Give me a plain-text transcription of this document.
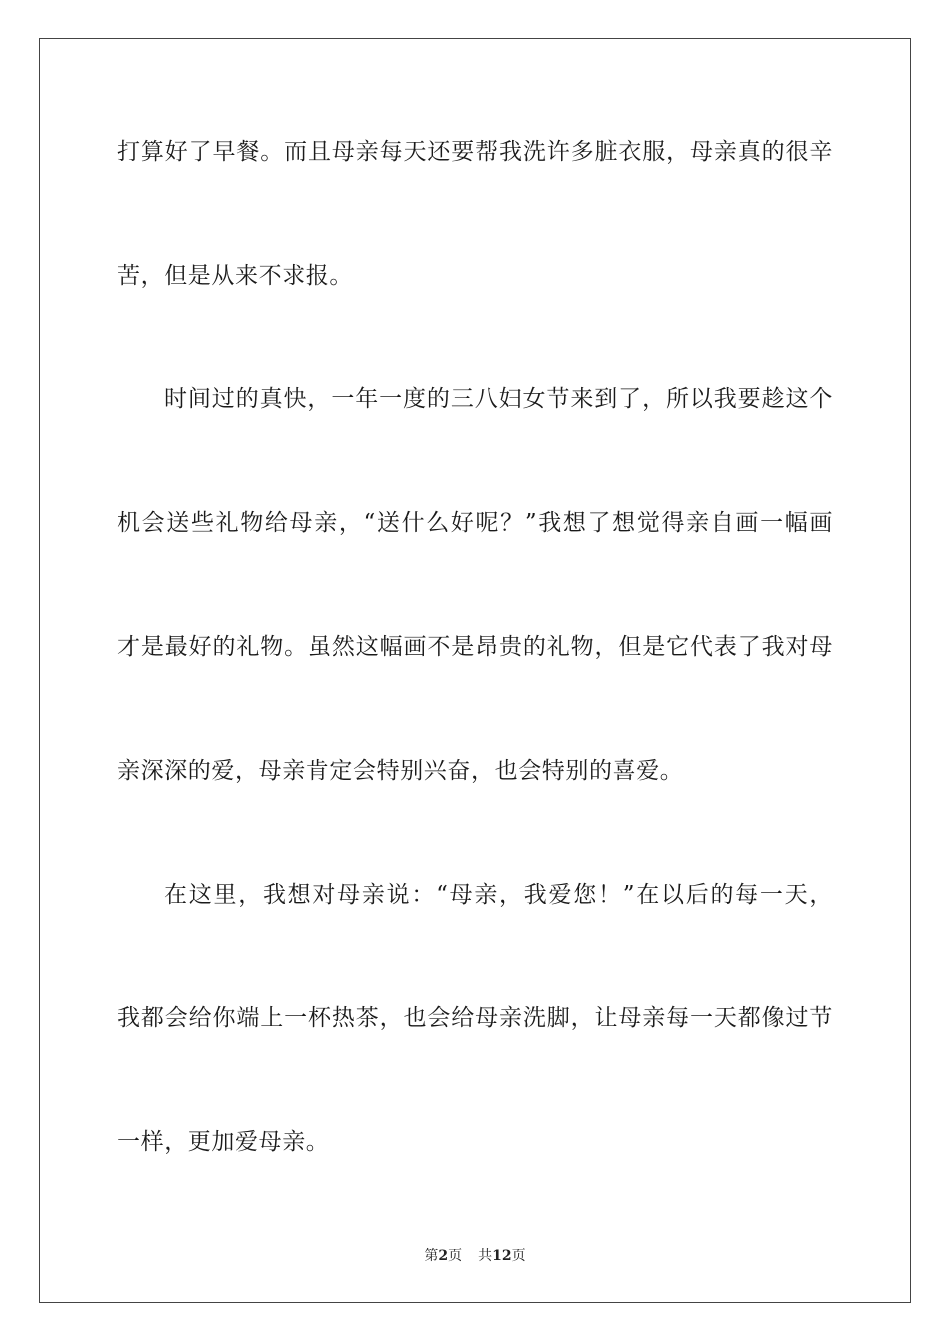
打算好了早餐。而且母亲每天还要帮我洗许多脏衣服，母亲真的很辛
苦，但是从来不求报。
时间过的真快，一年一度的三八妇女节来到了，所以我要趁这个
机会送些礼物给母亲，“送什么好呢？”我想了想觉得亲自画一幅画
才是最好的礼物。虽然这幅画不是昂贵的礼物，但是它代表了我对母
亲深深的爱，母亲肯定会特别兴奋，也会特别的喜爱。
在这里，我想对母亲说：“母亲，我爱您！”在以后的每一天，
我都会给你端上一杯热茶，也会给母亲洗脚，让母亲每一天都像过节
一样，更加爱母亲。
第2页 共12页
